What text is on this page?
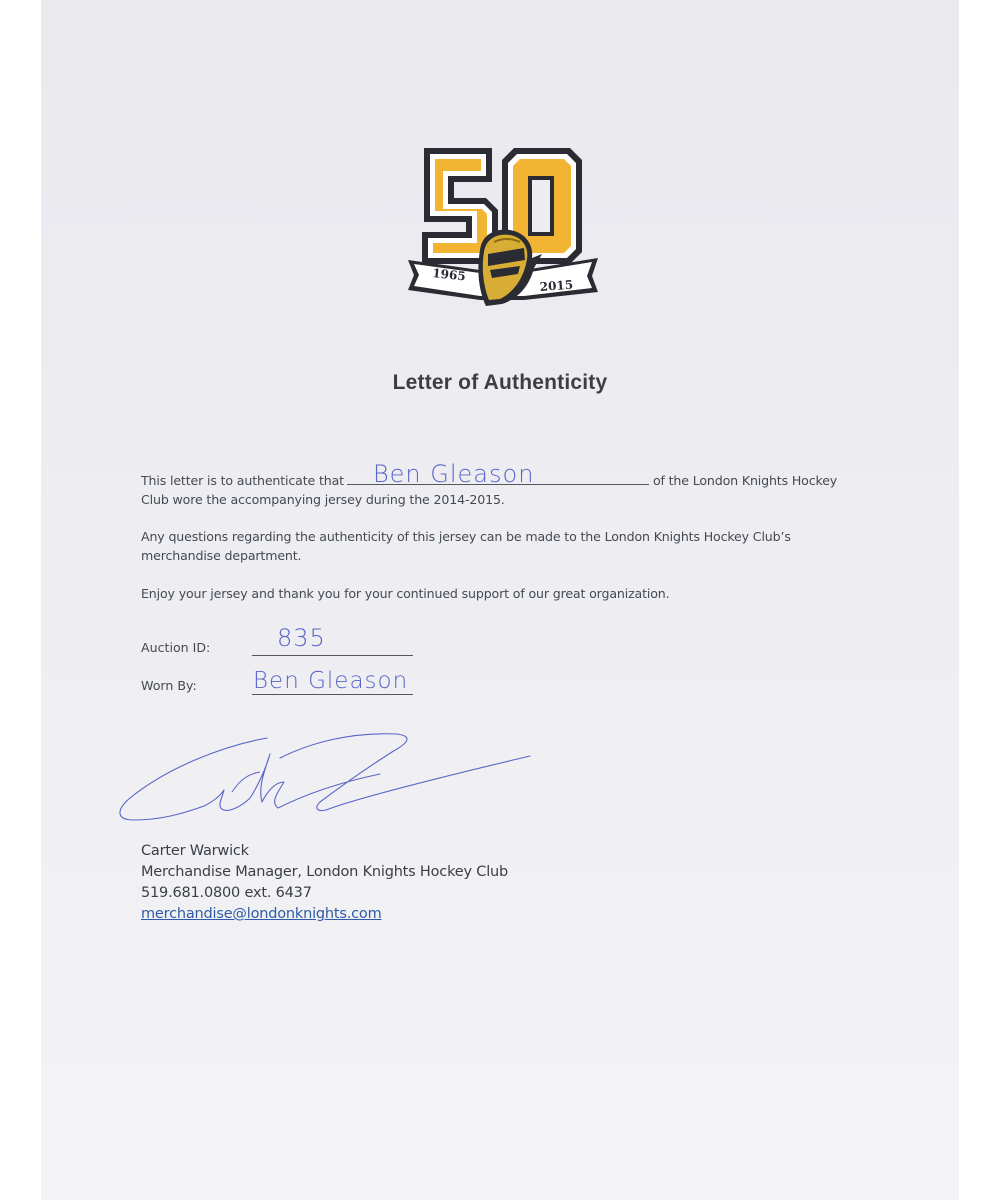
1965
2015
Letter of Authenticity
This letter is to authenticate that Ben Gleason	of the London Knights Hockey
Club wore the accompanying jersey during the 2014-2015.
Any questions regarding the authenticity of this jersey can be made to the London Knights Hockey Club’s merchandise department.
Enjoy your jersey and thank you for your continued support of our great organization.
Auction ID:	835
Worn By: Ben Gleason
Carter Warwick
Merchandise Manager, London Knights Hockey Club
519.681.0800 ext. 6437
merchandise@londonknights.com
